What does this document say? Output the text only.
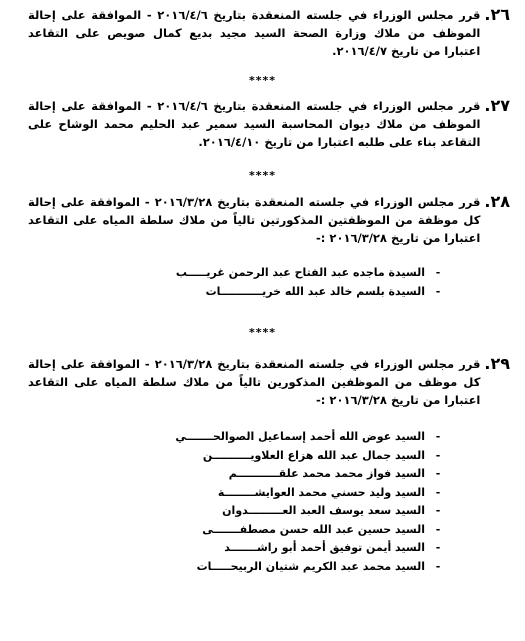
٢٦.
قرر مجلس الوزراء في جلسته المنعقدة بتاريخ ٢٠١٦/٤/٦ - الموافقة على إحالة الموظف من ملاك وزارة الصحة السيد مجيد بديع كمال صويص على التقاعد اعتبارا من تاريخ ٢٠١٦/٤/٧.
****
٢٧.
قرر مجلس الوزراء في جلسته المنعقدة بتاريخ ٢٠١٦/٤/٦ - الموافقة على إحالة الموظف من ملاك ديوان المحاسبة السيد سمير عبد الحليم محمد الوشاح على التقاعد بناء على طلبه اعتبارا من تاريخ ٢٠١٦/٤/١٠.
****
٢٨.
قرر مجلس الوزراء في جلسته المنعقدة بتاريخ ٢٠١٦/٣/٢٨ - الموافقة على إحالة كل موظفة من الموظفتين المذكورتين تالياً من ملاك سلطة المياه على التقاعد اعتبارا من تاريخ ٢٠١٦/٣/٢٨ :-
-
السيدة ماجده عبد الفتاح عبد الرحمن غريـــــب
-
السيدة بلسم خالد عبد الله خريـــــــــــات
****
٢٩.
قرر مجلس الوزراء في جلسته المنعقدة بتاريخ ٢٠١٦/٣/٢٨ - الموافقة على إحالة كل موظف من الموظفين المذكورين تالياً من ملاك سلطة المياه على التقاعد اعتبارا من تاريخ ٢٠١٦/٣/٢٨ :-
-
السيد عوض الله أحمد إسماعيل الصوالحـــــــي
-
السيد جمال عبد الله هزاع العلاويــــــــــن
-
السيد فواز محمد محمد علقـــــــــــم
-
السيد وليد حسني محمد العوايشــــــــة
-
السيد سعد يوسف العبد العـــــــــدوان
-
السيد حسين عبد الله حسن مصطفـــــــى
-
السيد أيمن توفيق أحمد أبو راشـــــــد
-
السيد محمد عبد الكريم شتيان الربيحـــــات
